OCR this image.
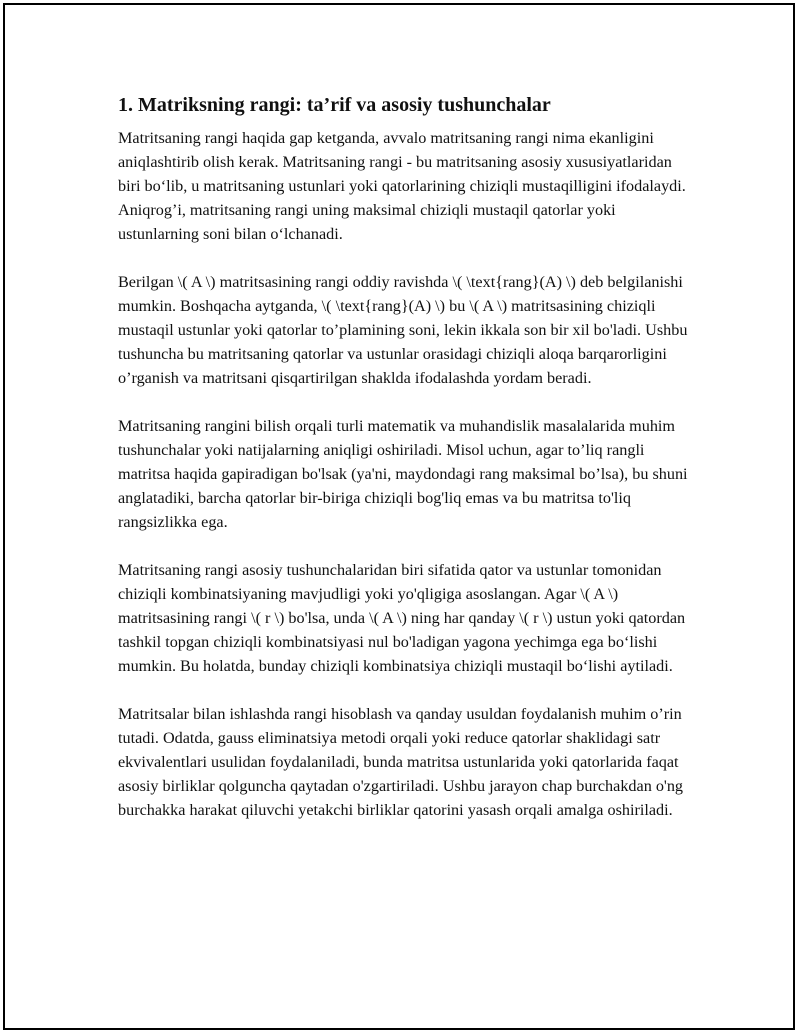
1. Matriksning rangi: ta’rif va asosiy tushunchalar

Matritsaning rangi haqida gap ketganda, avvalo matritsaning rangi nima ekanligini aniqlashtirib olish kerak. Matritsaning rangi - bu matritsaning asosiy xususiyatlaridan biri bo‘lib, u matritsaning ustunlari yoki qatorlarining chiziqli mustaqilligini ifodalaydi. Aniqrog’i, matritsaning rangi uning maksimal chiziqli mustaqil qatorlar yoki ustunlarning soni bilan o‘lchanadi.

Berilgan \( A \) matritsasining rangi oddiy ravishda \( \text{rang}(A) \) deb belgilanishi mumkin. Boshqacha aytganda, \( \text{rang}(A) \) bu \( A \) matritsasining chiziqli mustaqil ustunlar yoki qatorlar to’plamining soni, lekin ikkala son bir xil bo'ladi. Ushbu tushuncha bu matritsaning qatorlar va ustunlar orasidagi chiziqli aloqa barqarorligini o’rganish va matritsani qisqartirilgan shaklda ifodalashda yordam beradi.

Matritsaning rangini bilish orqali turli matematik va muhandislik masalalarida muhim tushunchalar yoki natijalarning aniqligi oshiriladi. Misol uchun, agar to’liq rangli matritsa haqida gapiradigan bo'lsak (ya'ni, maydondagi rang maksimal bo’lsa), bu shuni anglatadiki, barcha qatorlar bir-biriga chiziqli bog'liq emas va bu matritsa to'liq rangsizlikka ega.

Matritsaning rangi asosiy tushunchalaridan biri sifatida qator va ustunlar tomonidan chiziqli kombinatsiyaning mavjudligi yoki yo'qligiga asoslangan. Agar \( A \) matritsasining rangi \( r \) bo'lsa, unda \( A \) ning har qanday \( r \) ustun yoki qatordan tashkil topgan chiziqli kombinatsiyasi nul bo'ladigan yagona yechimga ega bo‘lishi mumkin. Bu holatda, bunday chiziqli kombinatsiya chiziqli mustaqil bo‘lishi aytiladi.

Matritsalar bilan ishlashda rangi hisoblash va qanday usuldan foydalanish muhim o’rin tutadi. Odatda, gauss eliminatsiya metodi orqali yoki reduce qatorlar shaklidagi satr ekvivalentlari usulidan foydalaniladi, bunda matritsa ustunlarida yoki qatorlarida faqat asosiy birliklar qolguncha qaytadan o'zgartiriladi. Ushbu jarayon chap burchakdan o'ng burchakka harakat qiluvchi yetakchi birliklar qatorini yasash orqali amalga oshiriladi.
